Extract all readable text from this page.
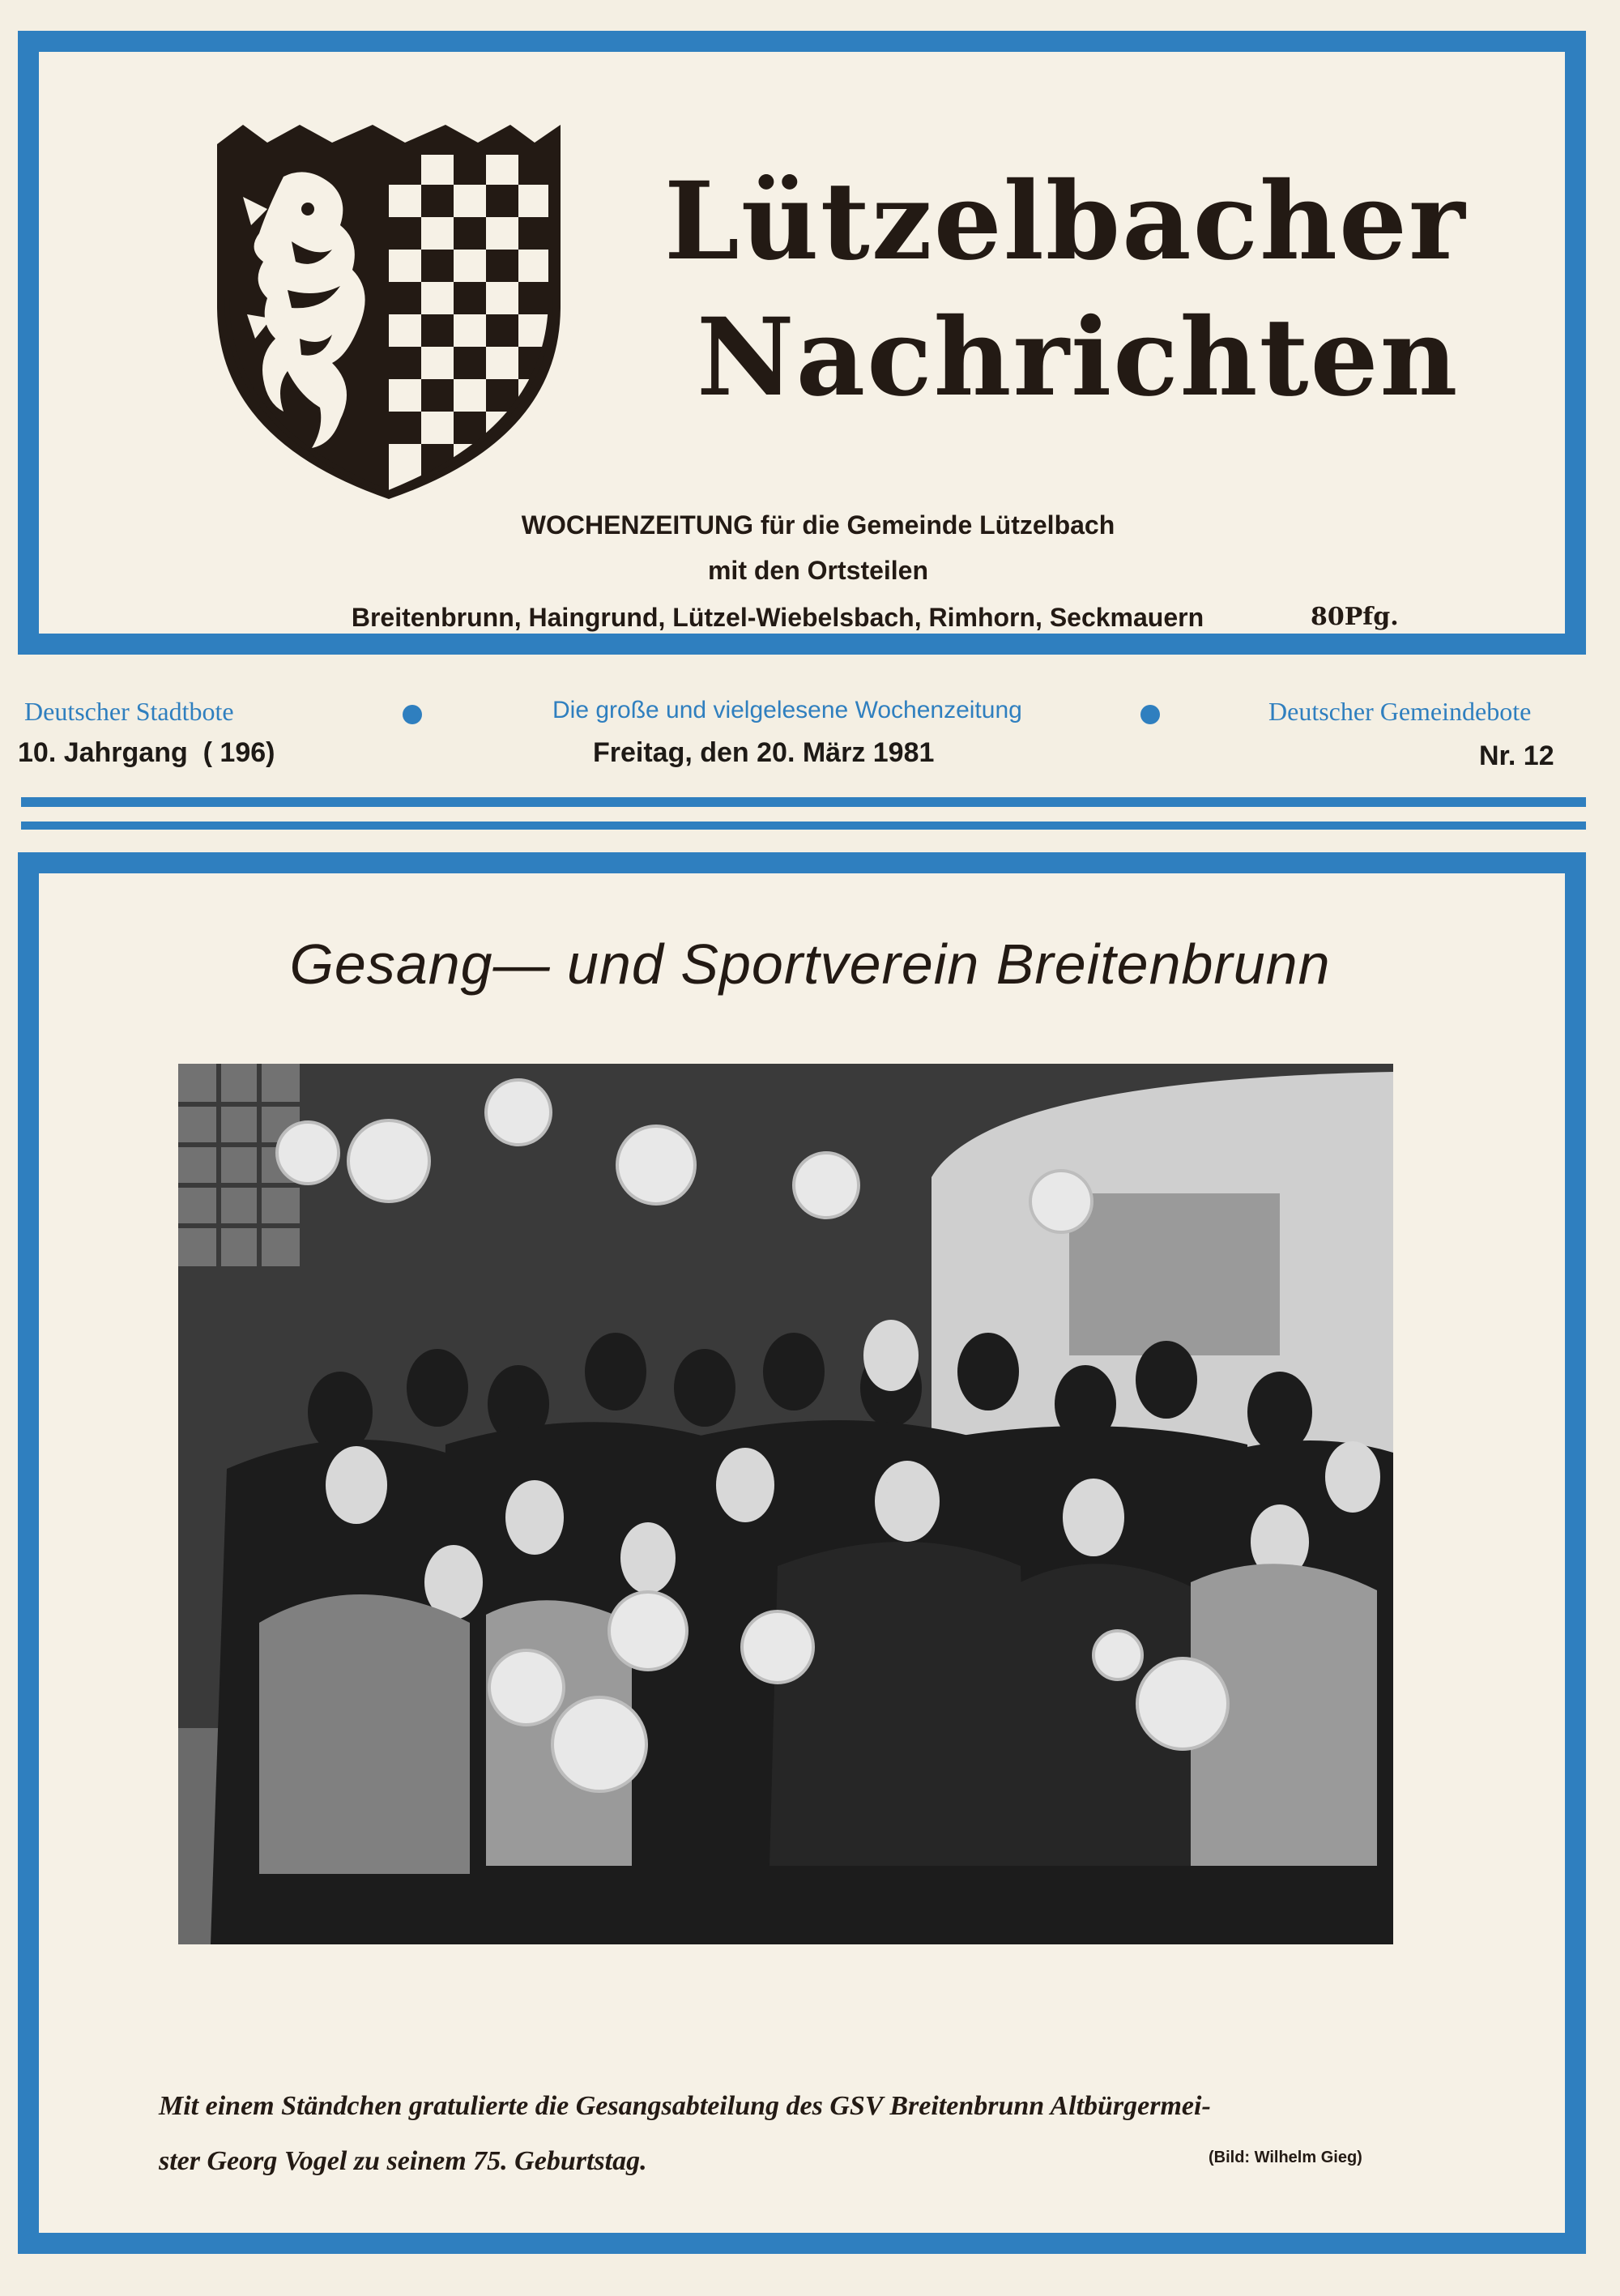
Lützelbacher
Nachrichten
WOCHENZEITUNG für die Gemeinde Lützelbach
mit den Ortsteilen
Breitenbrunn, Haingrund, Lützel-Wiebelsbach, Rimhorn, Seckmauern	80Pfg.
Deutscher Stadtbote	Die große und vielgelesene Wochenzeitung	Deutscher Gemeindebote
10. Jahrgang  ( 196)	Freitag, den 20. März 1981	Nr. 12
Gesang— und Sportverein Breitenbrunn
Mit einem Ständchen gratulierte die Gesangsabteilung des GSV Breitenbrunn Altbürgermei-
ster Georg Vogel zu seinem 75. Geburtstag.	(Bild: Wilhelm Gieg)
